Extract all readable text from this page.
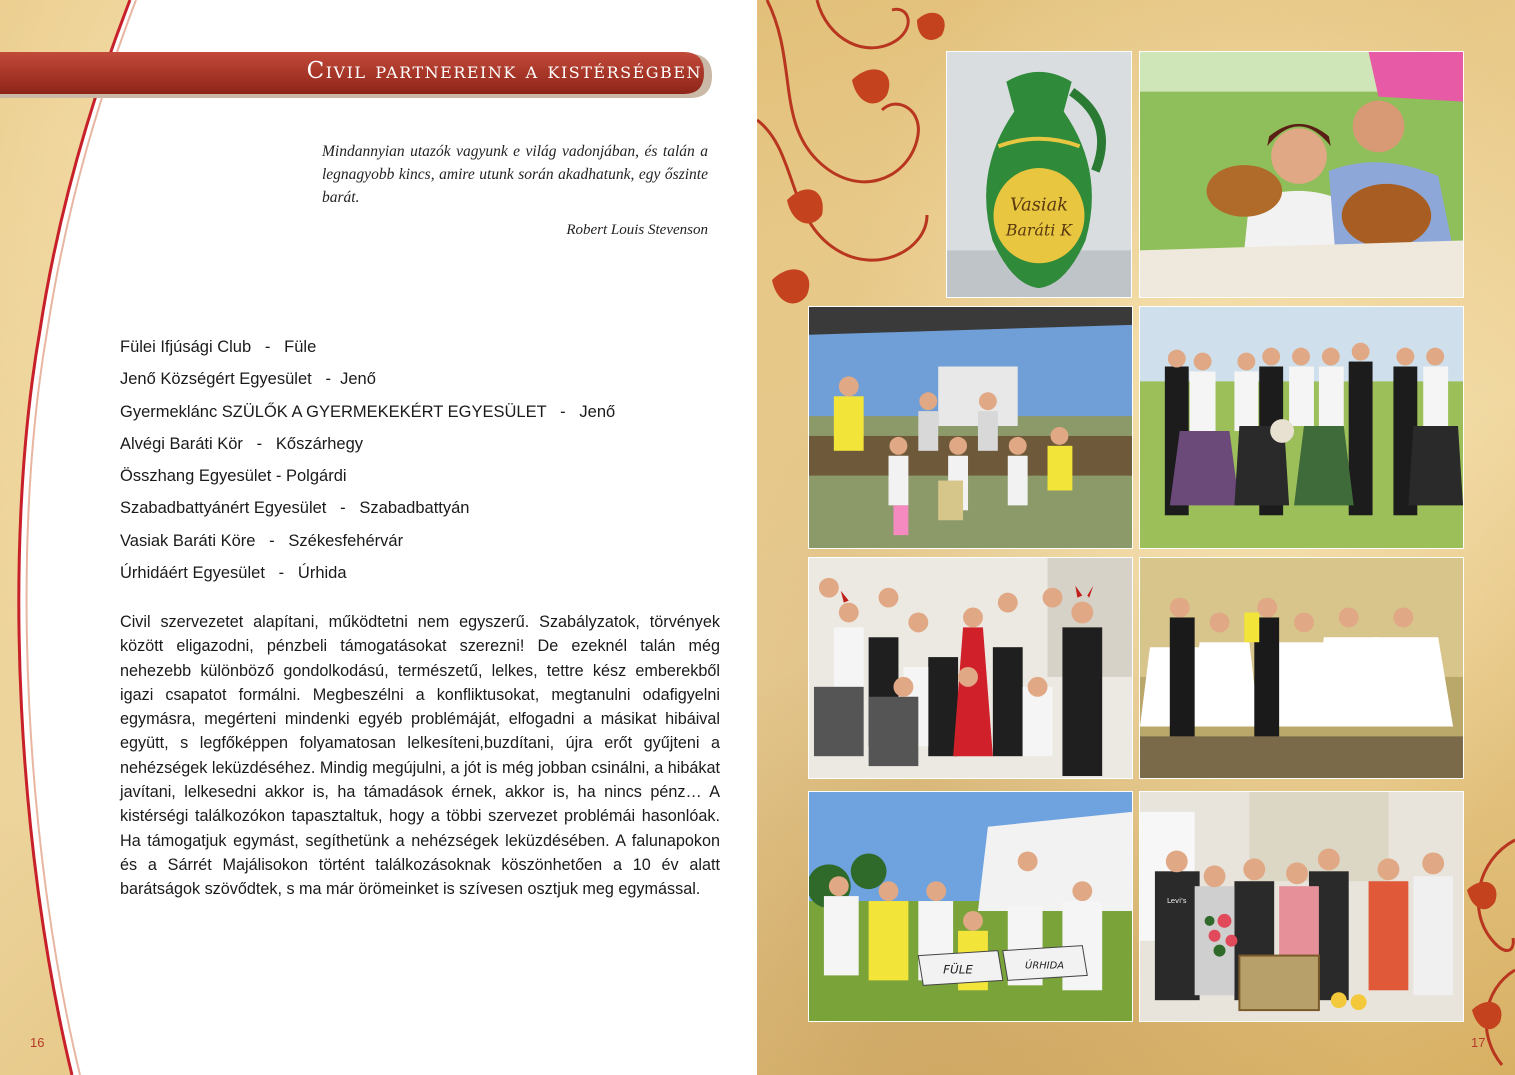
Civil partnereink a kistérségben
Mindannyian utazók vagyunk e világ vadonjában, és talán a legnagyobb kincs, amire utunk során akadhatunk, egy őszinte barát.
Robert Louis Stevenson
Fülei Ifjúsági Club   -   Füle
Jenő Községért Egyesület   -  Jenő
Gyermeklánc SZÜLŐK A GYERMEKEKÉRT EGYESÜLET   -   Jenő
Alvégi Baráti Kör   -   Kőszárhegy
Összhang Egyesület - Polgárdi
Szabadbattyánért Egyesület   -   Szabadbattyán
Vasiak Baráti Köre   -   Székesfehérvár
Úrhidáért Egyesület   -   Úrhida
Civil szervezetet alapítani, működtetni nem egyszerű. Szabályzatok, törvények között eligazodni, pénzbeli támogatásokat szerezni! De ezeknél talán még nehezebb különböző gondolkodású, természetű, lelkes, tettre kész emberekből igazi csapatot formálni. Megbeszélni a konfliktusokat, megtanulni odafigyelni egymásra, megérteni mindenki egyéb problémáját, elfogadni a másikat hibáival együtt, s legfőképpen folyamatosan lelkesíteni,buzdítani, újra erőt gyűjteni a nehézségek leküzdéséhez. Mindig megújulni, a jót is még jobban csinálni, a hibákat javítani, lelkesedni akkor is, ha támadások érnek, akkor is, ha nincs pénz… A kistérségi találkozókon tapasztaltuk, hogy a többi szervezet problémái hasonlóak. Ha támogatjuk egymást, segíthetünk a nehézségek leküzdésében. A falunapokon és a Sárrét Majálisokon történt találkozásoknak köszönhetően a 10 év alatt barátságok szövődtek, s ma már örömeinket is szívesen osztjuk meg egymással.
16
Vasiak
Baráti K
FÜLE	ÚRHIDA
Levi's
17
